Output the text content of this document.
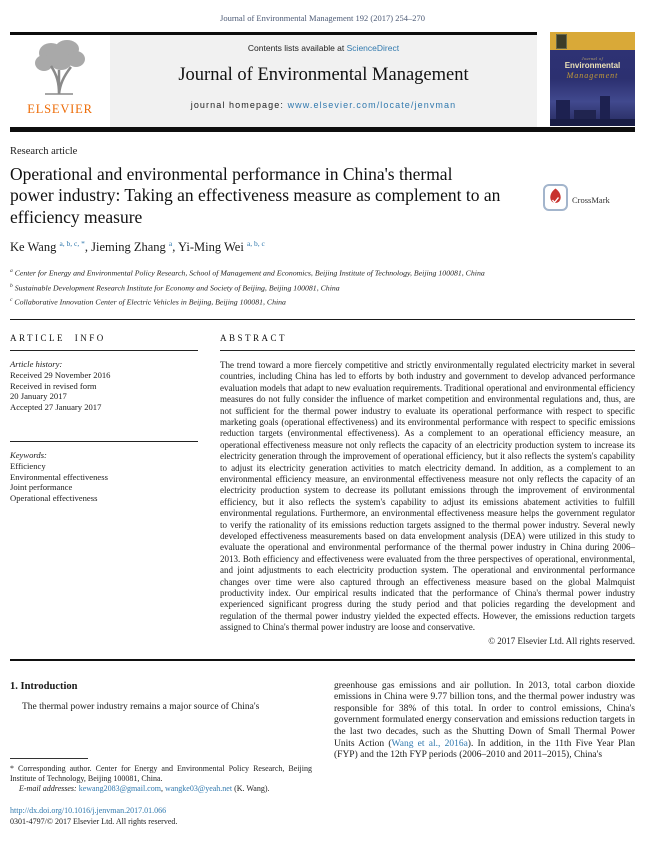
Journal of Environmental Management 192 (2017) 254–270
ELSEVIER
Contents lists available at ScienceDirect
Journal of Environmental Management
journal homepage: www.elsevier.com/locate/jenvman
Journal of
Environmental
Management
Research article
Operational and environmental performance in China's thermal
power industry: Taking an effectiveness measure as complement to an
efficiency measure
CrossMark
Ke Wang $^{a, b, c, *}$, Jieming Zhang $^a$, Yi-Ming Wei $^{a, b, c}$
$^a$ Center for Energy and Environmental Policy Research, School of Management and Economics, Beijing Institute of Technology, Beijing 100081, China
$^b$ Sustainable Development Research Institute for Economy and Society of Beijing, Beijing 100081, China
$^c$ Collaborative Innovation Center of Electric Vehicles in Beijing, Beijing 100081, China
ARTICLE INFO
Article history:
Received 29 November 2016
Received in revised form
20 January 2017
Accepted 27 January 2017
Keywords:
Efficiency
Environmental effectiveness
Joint performance
Operational effectiveness
ABSTRACT
The trend toward a more fiercely competitive and strictly environmentally regulated electricity market in several countries, including China has led to efforts by both industry and government to develop advanced performance evaluation models that adapt to new evaluation requirements. Traditional operational and environmental efficiency measures do not fully consider the influence of market competition and environmental regulations and, thus, are not sufficient for the thermal power industry to evaluate its operational performance with respect to specific marketing goals (operational effectiveness) and its environmental performance with respect to specific emissions reduction targets (environmental effectiveness). As a complement to an operational efficiency measure, an operational effectiveness measure not only reflects the capacity of an electricity production system to increase its electricity generation through the improvement of operational efficiency, but it also reflects the system's capability to adjust its electricity generation activities to match electricity demand. In addition, as a complement to an environmental efficiency measure, an environmental effectiveness measure not only reflects the capacity of an electricity production system to decrease its pollutant emissions through the improvement of environmental efficiency, but it also reflects the system's capability to adjust its emissions abatement activities to fulfill environmental regulations. Furthermore, an environmental effectiveness measure helps the government regulator to verify the rationality of its emissions reduction targets assigned to the thermal power industry. Several newly developed effectiveness measurements based on data envelopment analysis (DEA) were utilized in this study to evaluate the operational and environmental performance of the thermal power industry in China during 2006–2013. Both efficiency and effectiveness were evaluated from the three perspectives of operational, environmental, and joint adjustments to each electricity production system. The operational and environmental performance changes over time were also captured through an effectiveness measure based on the global Malmquist productivity index. Our empirical results indicated that the performance of China's thermal power industry experienced significant progress during the study period and that policies regarding the development and regulation of the thermal power industry yielded the expected effects. However, the emissions reduction targets assigned to China's thermal power industry are loose and conservative.
© 2017 Elsevier Ltd. All rights reserved.
1. Introduction

The thermal power industry remains a major source of China's

* Corresponding author. Center for Energy and Environmental Policy Research, Beijing Institute of Technology, Beijing 100081, China.

E-mail addresses: kewang2083@gmail.com, wangke03@yeah.net (K. Wang).

http://dx.doi.org/10.1016/j.jenvman.2017.01.066
0301-4797/© 2017 Elsevier Ltd. All rights reserved.
greenhouse gas emissions and air pollution. In 2013, total carbon dioxide emissions in China were 9.77 billion tons, and the thermal power industry was responsible for 38% of this total. In order to control emissions, China's government formulated energy conservation and emissions reduction targets in the last two decades, such as the Shutting Down of Small Thermal Power Units Action (Wang et al., 2016a). In addition, in the 11th Five Year Plan (FYP) and the 12th FYP periods (2006–2010 and 2011–2015), China's
